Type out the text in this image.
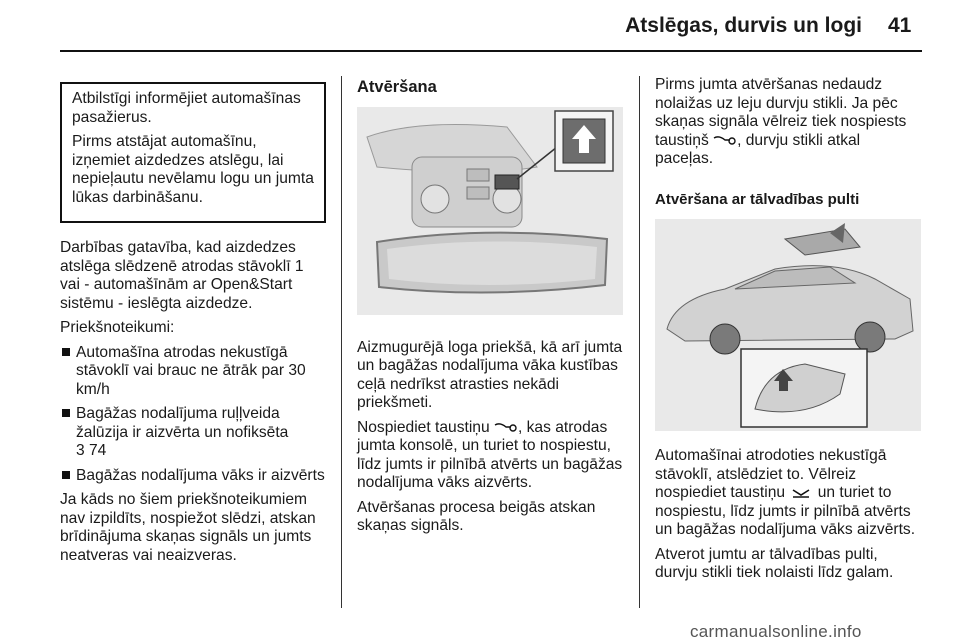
Atslēgas, durvis un logi 41

Atbilstīgi informējiet automašīnas pasažierus.

Pirms atstājat automašīnu, izņemiet aizdedzes atslēgu, lai nepieļautu nevēlamu logu un jumta lūkas darbināšanu.

Darbības gatavība, kad aizdedzes atslēga slēdzenē atrodas stāvoklī 1 vai - automašīnām ar Open&Start sistēmu - ieslēgta aizdedze.

Priekšnoteikumi:

Automašīna atrodas nekustīgā stāvoklī vai brauc ne ātrāk par 30 km/h
Bagāžas nodalījuma ruļļveida žalūzija ir aizvērta un nofiksēta
3 74
Bagāžas nodalījuma vāks ir aizvērts

Ja kāds no šiem priekšnoteikumiem nav izpildīts, nospiežot slēdzi, atskan brīdinājuma skaņas signāls un jumts neatveras vai neaizveras.

Atvēršana

Aizmugurējā loga priekšā, kā arī jumta un bagāžas nodalījuma vāka kustības ceļā nedrīkst atrasties nekādi priekšmeti.

Nospiediet taustiņu , kas atrodas jumta konsolē, un turiet to nospiestu, līdz jumts ir pilnībā atvērts un bagāžas nodalījuma vāks aizvērts.

Atvēršanas procesa beigās atskan skaņas signāls.

Pirms jumta atvēršanas nedaudz nolaižas uz leju durvju stikli. Ja pēc skaņas signāla vēlreiz tiek nospiests taustiņš , durvju stikli atkal paceļas.

Atvēršana ar tālvadības pulti

Automašīnai atrodoties nekustīgā stāvoklī, atslēdziet to. Vēlreiz nospiediet taustiņu  un turiet to nospiestu, līdz jumts ir pilnībā atvērts un bagāžas nodalījuma vāks aizvērts.

Atverot jumtu ar tālvadības pulti, durvju stikli tiek nolaisti līdz galam.

carmanualsonline.info
